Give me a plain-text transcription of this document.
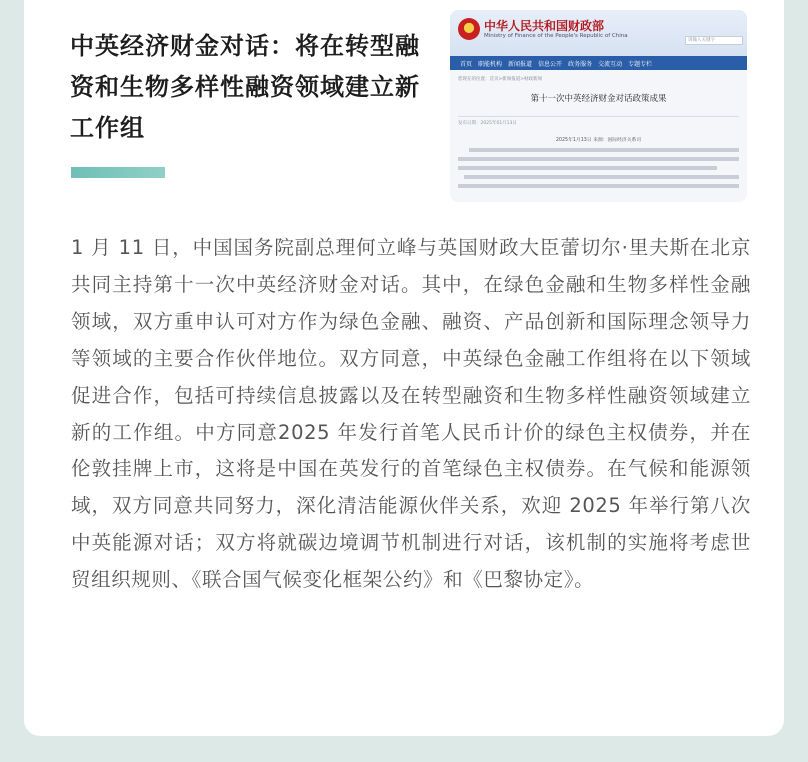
中英经济财金对话：将在转型融资和生物多样性融资领域建立新工作组
中华人民共和国财政部
Ministry of Finance of the People's Republic of China
请输入关键字
首页 职能机构 新闻报道 信息公开 政务服务 交流互动 专题专栏
您现在的位置：首页>新闻报道>财政新闻
第十一次中英经济财金对话政策成果
发布日期：2025年01月13日
2025年1月13日 来源：国际经济关系司

1 月 11 日，中国国务院副总理何立峰与英国财政大臣蕾切尔·里夫斯在北京共同主持第十一次中英经济财金对话。其中，在绿色金融和生物多样性金融领域，双方重申认可对方作为绿色金融、融资、产品创新和国际理念领导力等领域的主要合作伙伴地位。双方同意，中英绿色金融工作组将在以下领域促进合作，包括可持续信息披露以及在转型融资和生物多样性融资领域建立新的工作组。中方同意2025 年发行首笔人民币计价的绿色主权债券，并在伦敦挂牌上市，这将是中国在英发行的首笔绿色主权债券。在气候和能源领域，双方同意共同努力，深化清洁能源伙伴关系，欢迎 2025 年举行第八次中英能源对话；双方将就碳边境调节机制进行对话，该机制的实施将考虑世贸组织规则、《联合国气候变化框架公约》和《巴黎协定》。
